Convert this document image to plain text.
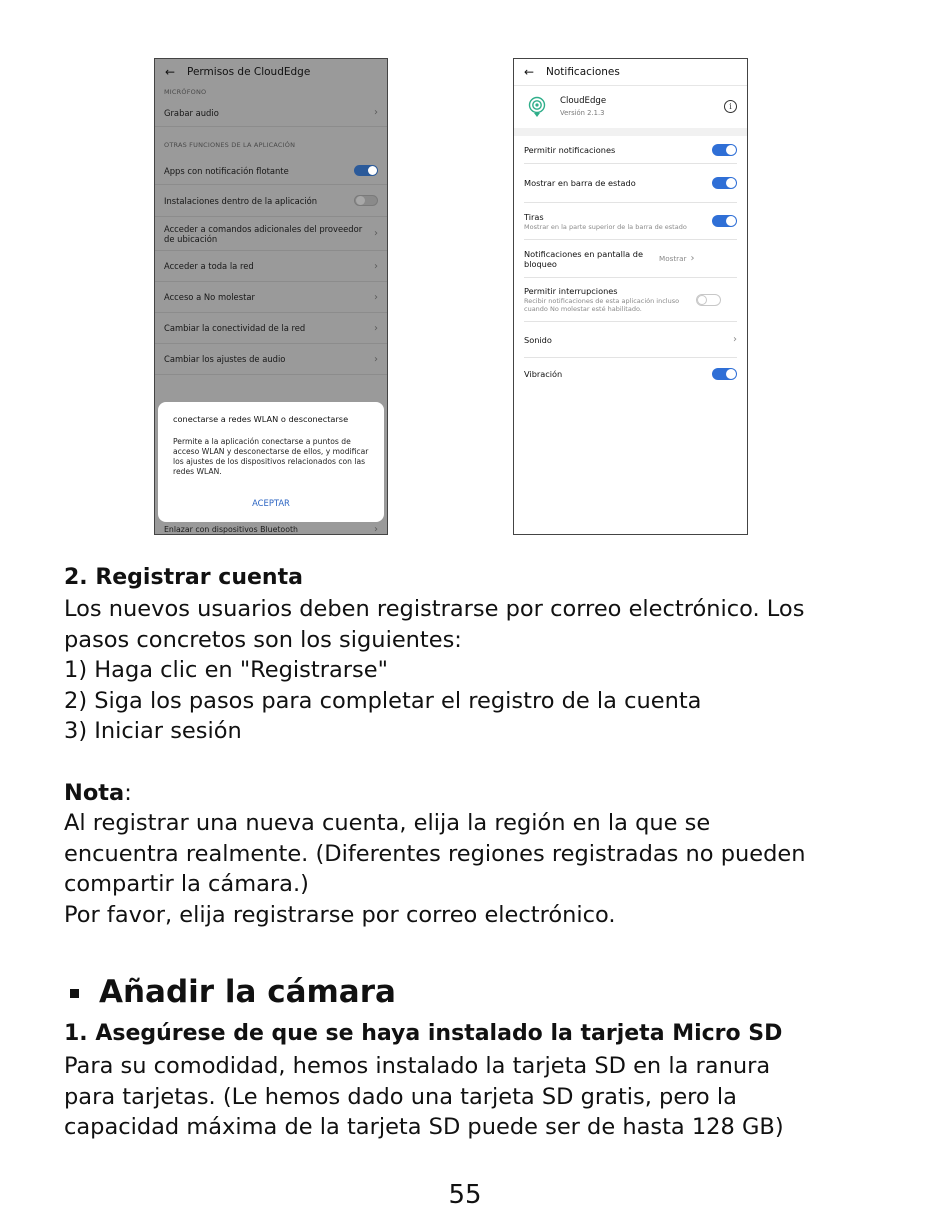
←	Permisos de CloudEdge
MICRÓFONO
Grabar audio	›
OTRAS FUNCIONES DE LA APLICACIÓN
Apps con notificación flotante
Instalaciones dentro de la aplicación
Acceder a comandos adicionales del proveedor de ubicación	›
Acceder a toda la red	›
Acceso a No molestar	›
Cambiar la conectividad de la red	›
Cambiar los ajustes de audio	›
conectarse a redes WLAN o desconectarse
Permite a la aplicación conectarse a puntos de acceso WLAN y desconectarse de ellos, y modificar los ajustes de los dispositivos relacionados con las redes WLAN.
ACEPTAR
Enlazar con dispositivos Bluetooth	›
←	Notificaciones
CloudEdge
Versión 2.1.3
i
Permitir notificaciones
Mostrar en barra de estado
Tiras
Mostrar en la parte superior de la barra de estado
Notificaciones en pantalla de bloqueo	Mostrar ›
Permitir interrupciones
Recibir notificaciones de esta aplicación incluso cuando No molestar esté habilitado.
Sonido	›
Vibración
2. Registrar cuenta
Los nuevos usuarios deben registrarse por correo electrónico. Los
pasos concretos son los siguientes:
1) Haga clic en "Registrarse"
2) Siga los pasos para completar el registro de la cuenta
3) Iniciar sesión
Nota:
Al registrar una nueva cuenta, elija la región en la que se
encuentra realmente. (Diferentes regiones registradas no pueden
compartir la cámara.)
Por favor, elija registrarse por correo electrónico.
Añadir la cámara
1. Asegúrese de que se haya instalado la tarjeta Micro SD
Para su comodidad, hemos instalado la tarjeta SD en la ranura
para tarjetas. (Le hemos dado una tarjeta SD gratis, pero la
capacidad máxima de la tarjeta SD puede ser de hasta 128 GB)
55
